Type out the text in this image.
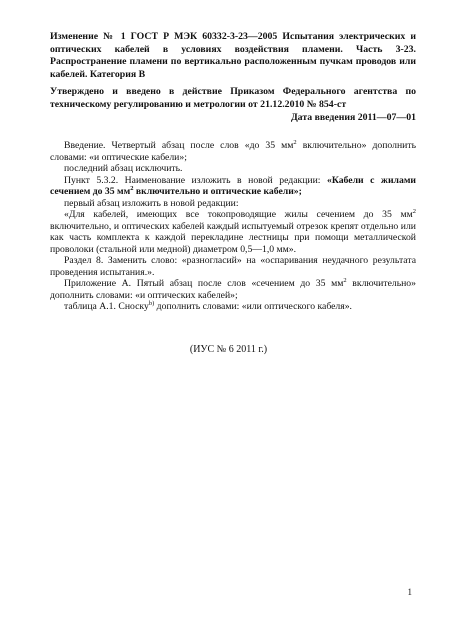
Изменение № 1 ГОСТ Р МЭК 60332-3-23—2005 Испытания электрических и оптических кабелей в условиях воздействия пламени. Часть 3-23. Распространение пламени по вертикально расположенным пучкам проводов или кабелей. Категория B
Утверждено и введено в действие Приказом Федерального агентства по техническому регулированию и метрологии от 21.12.2010 № 854-ст
Дата введения 2011—07—01

Введение. Четвертый абзац после слов «до 35 $мм^2$ включительно» дополнить словами: «и оптические кабели»;

последний абзац исключить.

Пункт 5.3.2. Наименование изложить в новой редакции: «Кабели с жилами сечением до 35 $мм^2$ включительно и оптические кабели»;

первый абзац изложить в новой редакции:

«Для кабелей, имеющих все токопроводящие жилы сечением до 35 $мм^2$ включительно, и оптических кабелей каждый испытуемый отрезок крепят отдельно или как часть комплекта к каждой перекладине лестницы при помощи металлической проволоки (стальной или медной) диаметром 0,5—1,0 мм».

Раздел 8. Заменить слово: «разногласий» на «оспаривания неудачного результата проведения испытания.».

Приложение А. Пятый абзац после слов «сечением до 35 $мм^2$ включительно» дополнить словами: «и оптических кабелей»;

таблица А.1. Сноску$^{b)}$ дополнить словами: «или оптического кабеля».

(ИУС № 6 2011 г.)
1
